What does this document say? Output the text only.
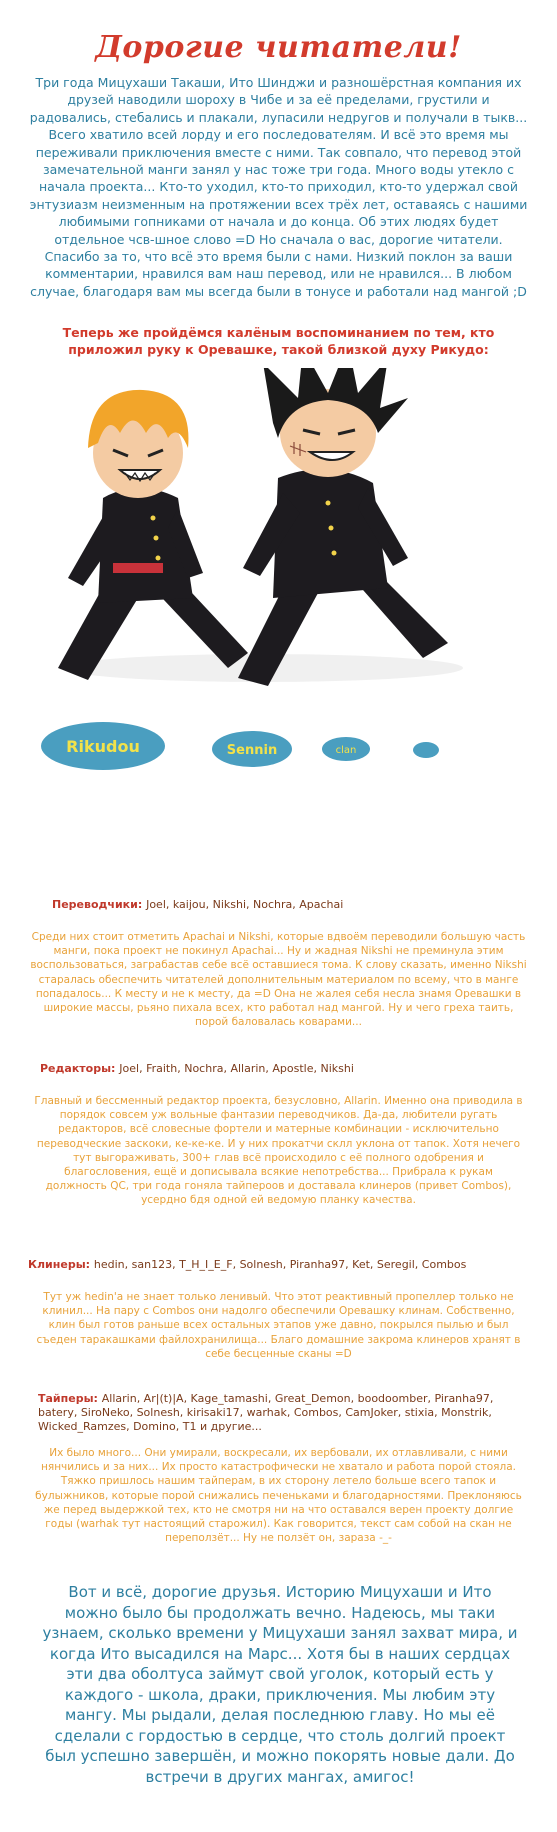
Дорогие читатели!
Три года Мицухаши Такаши, Ито Шинджи и разношёрстная компания их друзей наводили шороху в Чибе и за её пределами, грустили и радовались, стебались и плакали, лупасили недругов и получали в тыкв... Всего хватило всей лорду и его последователям. И всё это время мы переживали приключения вместе с ними. Так совпало, что перевод этой замечательной манги занял у нас тоже три года. Много воды утекло с начала проекта... Кто-то уходил, кто-то приходил, кто-то удержал свой энтузиазм неизменным на протяжении всех трёх лет, оставаясь с нашими любимыми гопниками от начала и до конца. Об этих людях будет отдельное чсв-шное слово =D Но сначала о вас, дорогие читатели. Спасибо за то, что всё это время были с нами. Низкий поклон за ваши комментарии, нравился вам наш перевод, или не нравился... В любом случае, благодаря вам мы всегда были в тонусе и работали над мангой ;D
Теперь же пройдёмся калёным воспоминанием по тем, кто приложил руку к Оревашке, такой близкой духу Рикудо:
Rikudou	Sennin	clan
Переводчики: Joel, kaijou, Nikshi, Nochra, Apachai
Среди них стоит отметить Apachai и Nikshi, которые вдвоём переводили большую часть манги, пока проект не покинул Apachai... Ну и жадная Nikshi не преминула этим воспользоваться, заграбастав себе всё оставшиеся тома. К слову сказать, именно Nikshi старалась обеспечить читателей дополнительным материалом по всему, что в манге попадалось... К месту и не к месту, да =D Она не жалея себя несла знамя Оревашки в широкие массы, рьяно пихала всех, кто работал над мангой. Ну и чего греха таить, порой баловалась коварами...
Редакторы: Joel, Fraith, Nochra, Allarin, Apostle, Nikshi
Главный и бессменный редактор проекта, безусловно, Allarin. Именно она приводила в порядок совсем уж вольные фантазии переводчиков. Да-да, любители ругать редакторов, всё словесные фортели и матерные комбинации - исключительно переводческие заскоки, ке-ке-ке. И у них прокатчи склл уклона от тапок. Хотя нечего тут выгораживать, 300+ глав всё происходило с её полного одобрения и благословения, ещё и дописывала всякие непотребства... Прибрала к рукам должность QC, три года гоняла тайпероов и доставала клинеров (привет Combos), усердно бдя одной ей ведомую планку качества.
Клинеры: hedin, san123, T_H_I_E_F, Solnesh, Piranha97, Ket, Seregil, Combos
Тут уж hedin'а не знает только ленивый. Что этот реактивный пропеллер только не клинил... На пару с Combos они надолго обеспечили Оревашку клинам. Собственно, клин был готов раньше всех остальных этапов уже давно, покрылся пылью и был съеден таракашками файлохранилища... Благо домашние закрома клинеров хранят в себе бесценные сканы =D
Тайперы: Allarin, Ar|(t)|A, Kage_tamashi, Great_Demon, boodoomber, Piranha97, batery, SiroNeko, Solnesh, kirisaki17, warhak, Combos, CamJoker, stixia, Monstrik, Wicked_Ramzes, Domino, T1 и другие...
Их было много... Они умирали, воскресали, их вербовали, их отлавливали, с ними нянчились и за них... Их просто катастрофически не хватало и работа порой стояла. Тяжко пришлось нашим тайперам, в их сторону летело больше всего тапок и булыжников, которые порой снижались печеньками и благодарностями. Преклоняюсь же перед выдержкой тех, кто не смотря ни на что оставался верен проекту долгие годы (warhak тут настоящий старожил). Как говорится, текст сам собой на скан не переползёт... Ну не ползёт он, зараза -_-
Вот и всё, дорогие друзья. Историю Мицухаши и Ито можно было бы продолжать вечно. Надеюсь, мы таки узнаем, сколько времени у Мицухаши занял захват мира, и когда Ито высадился на Марс... Хотя бы в наших сердцах эти два оболтуса займут свой уголок, который есть у каждого - школа, драки, приключения. Мы любим эту мангу. Мы рыдали, делая последнюю главу. Но мы её сделали с гордостью в сердце, что столь долгий проект был успешно завершён, и можно покорять новые дали. До встречи в других мангах, амигос!
